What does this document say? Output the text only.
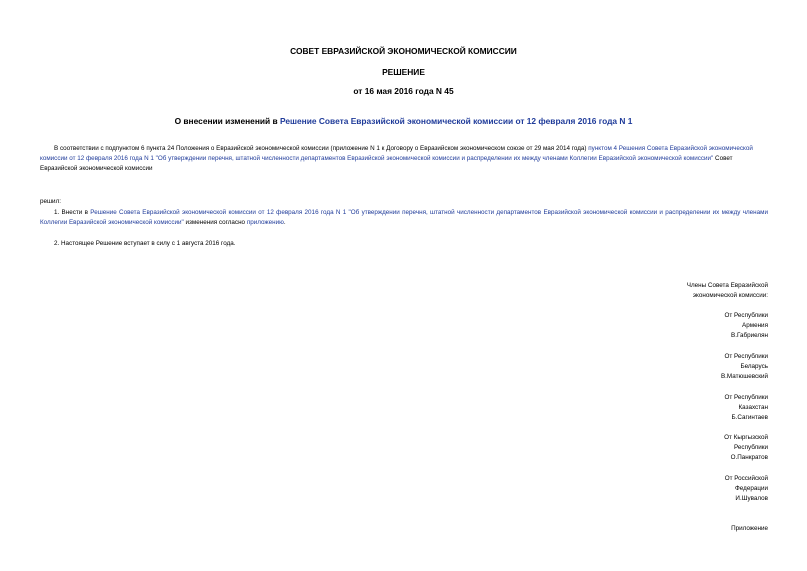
СОВЕТ ЕВРАЗИЙСКОЙ ЭКОНОМИЧЕСКОЙ КОМИССИИ
РЕШЕНИЕ
от 16 мая 2016 года N 45
О внесении изменений в Решение Совета Евразийской экономической комиссии от 12 февраля 2016 года N 1
В соответствии с подпунктом 6 пункта 24 Положения о Евразийской экономической комиссии (приложение N 1 к Договору о Евразийском экономическом союзе от 29 мая 2014 года) пунктом 4 Решения Совета Евразийской экономической комиссии от 12 февраля 2016 года N 1 "Об утверждении перечня, штатной численности департаментов Евразийской экономической комиссии и распределении их между членами Коллегии Евразийской экономической комиссии" Совет Евразийской экономической комиссии
решил:
1. Внести в Решение Совета Евразийской экономической комиссии от 12 февраля 2016 года N 1 "Об утверждении перечня, штатной численности департаментов Евразийской экономической комиссии и распределении их между членами Коллегии Евразийской экономической комиссии" изменения согласно приложению.
2. Настоящее Решение вступает в силу с 1 августа 2016 года.
Члены Совета Евразийской
экономической комиссии:
От Республики
Армения
В.Габриелян
От Республики
Беларусь
В.Матюшевский
От Республики
Казахстан
Б.Сагинтаев
От Кыргызской
Республики
О.Панкратов
От Российской
Федерации
И.Шувалов
Приложение
